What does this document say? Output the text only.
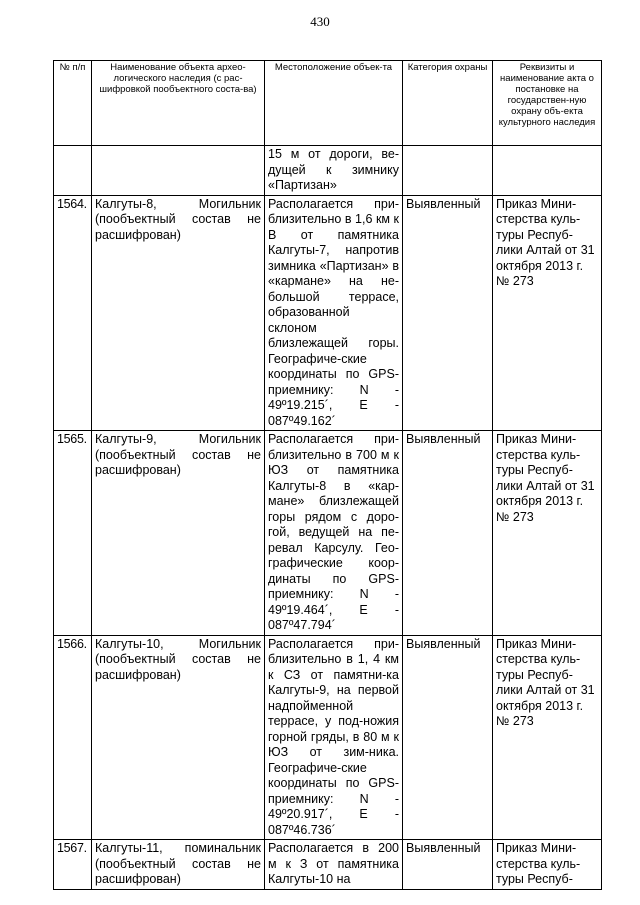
430
№ п/п	Наименование объекта архео-логического наследия (с рас-шифровкой пообъектного соста-ва)	Местоположение объек-та	Категория охраны	Реквизиты и наименование акта о постановке на государствен-ную охрану объ-екта культурного наследия
		15 м от дороги, ве-дущей к зимнику «Партизан»		
1564.	Калгуты-8, Могильник (пообъектный состав не расшифрован)	Располагается при-близительно в 1,6 км к В от памятника Калгуты-7, напротив зимника «Партизан» в «кармане» на не-большой террасе, образованной склоном близлежащей горы. Географиче-ские координаты по GPS-приемнику: N - 49º19.215´, E - 087º49.162´	Выявленный	Приказ Мини-стерства куль-туры Респуб-лики Алтай от 31 октября 2013 г. № 273
1565.	Калгуты-9, Могильник (пообъектный состав не расшифрован)	Располагается при-близительно в 700 м к ЮЗ от памятника Калгуты-8 в «кар-мане» близлежащей горы рядом с доро-гой, ведущей на пе-ревал Карсулу. Гео-графические коор-динаты по GPS-приемнику: N - 49º19.464´, E - 087º47.794´	Выявленный	Приказ Мини-стерства куль-туры Респуб-лики Алтай от 31 октября 2013 г. № 273
1566.	Калгуты-10, Могильник (пообъектный состав не расшифрован)	Располагается при-близительно в 1, 4 км к СЗ от памятни-ка Калгуты-9, на первой надпойменной террасе, у под-ножия горной гряды, в 80 м к ЮЗ от зим-ника. Географиче-ские координаты по GPS-приемнику: N - 49º20.917´, E - 087º46.736´	Выявленный	Приказ Мини-стерства куль-туры Респуб-лики Алтай от 31 октября 2013 г. № 273
1567.	Калгуты-11, поминальник (пообъектный состав не расшифрован)	Располагается в 200 м к З от памятника Калгуты-10 на	Выявленный	Приказ Мини-стерства куль-туры Респуб-
